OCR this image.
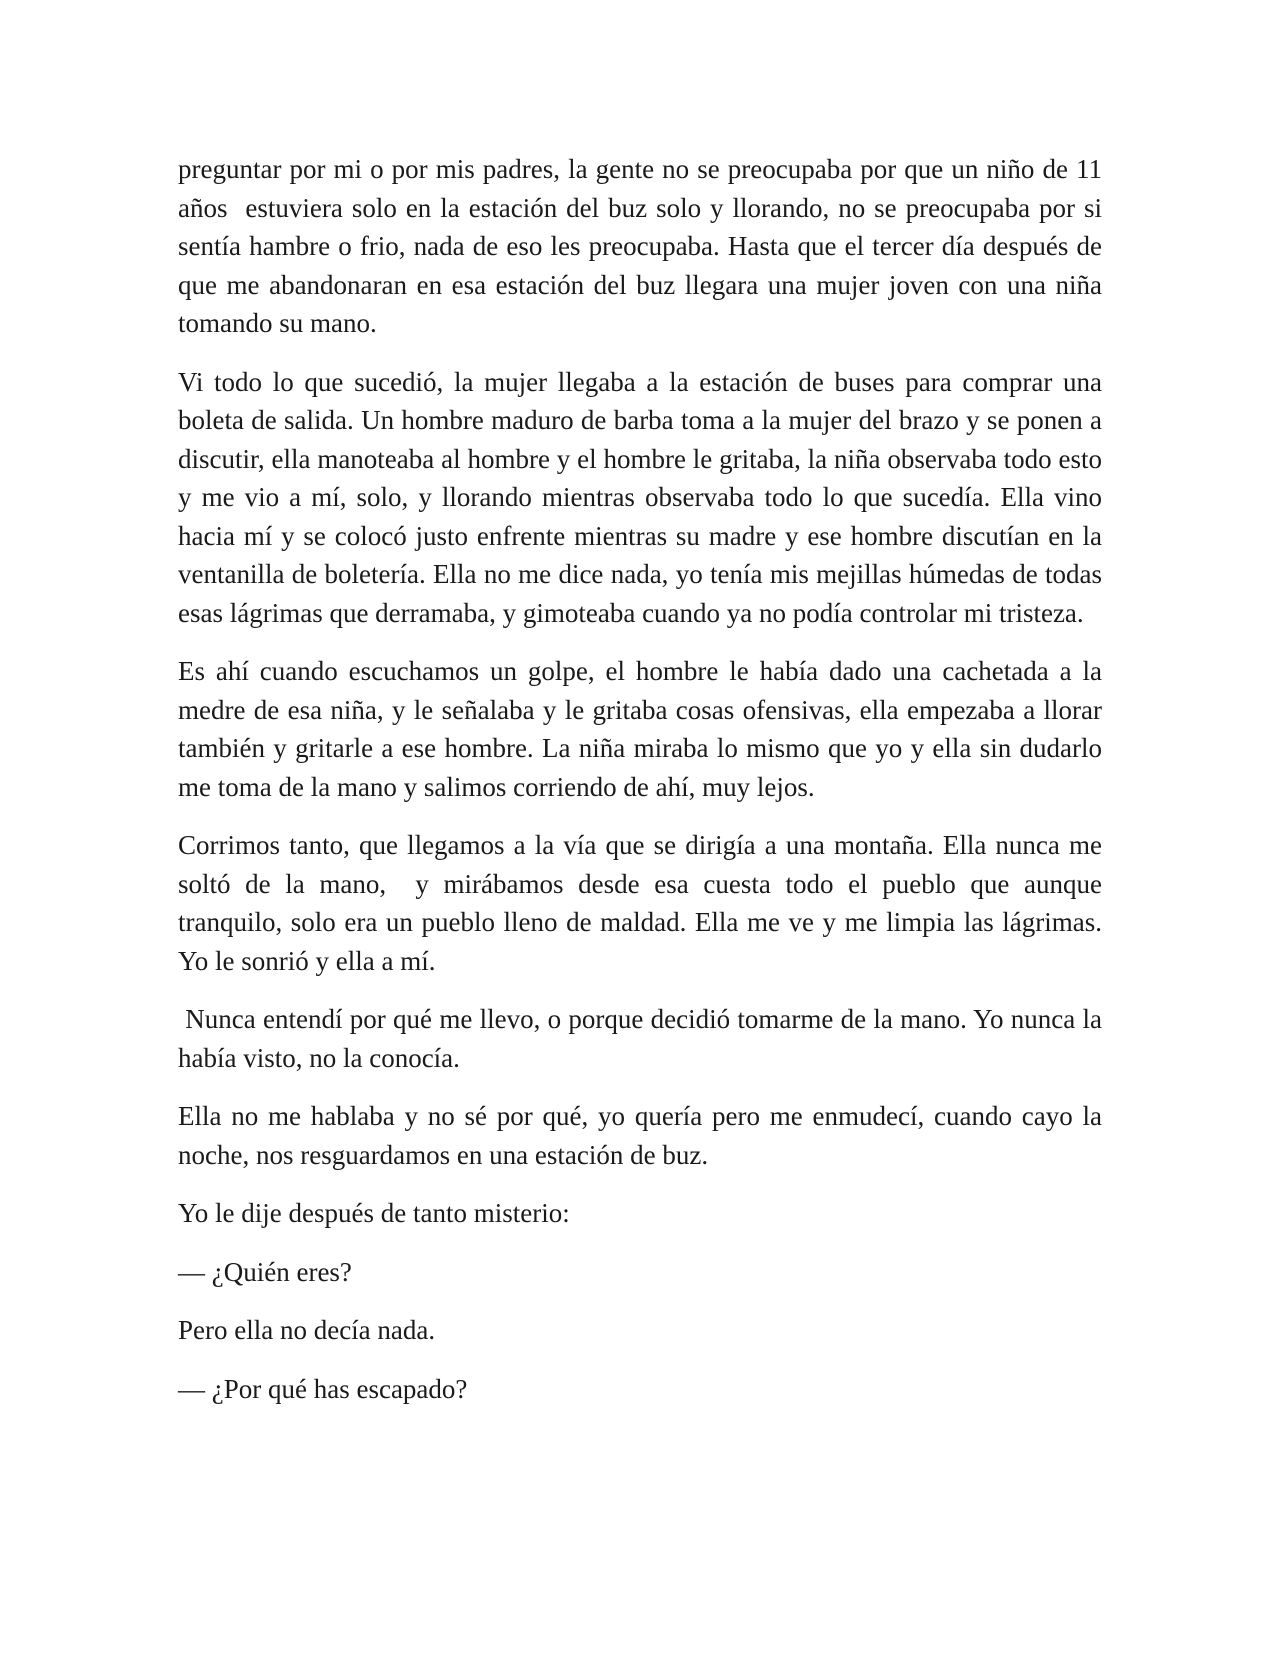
preguntar por mi o por mis padres, la gente no se preocupaba por que un niño de 11 años  estuviera solo en la estación del buz solo y llorando, no se preocupaba por si sentía hambre o frio, nada de eso les preocupaba. Hasta que el tercer día después de que me abandonaran en esa estación del buz llegara una mujer joven con una niña tomando su mano.

Vi todo lo que sucedió, la mujer llegaba a la estación de buses para comprar una boleta de salida. Un hombre maduro de barba toma a la mujer del brazo y se ponen a discutir, ella manoteaba al hombre y el hombre le gritaba, la niña observaba todo esto y me vio a mí, solo, y llorando mientras observaba todo lo que sucedía. Ella vino hacia mí y se colocó justo enfrente mientras su madre y ese hombre discutían en la ventanilla de boletería. Ella no me dice nada, yo tenía mis mejillas húmedas de todas esas lágrimas que derramaba, y gimoteaba cuando ya no podía controlar mi tristeza.

Es ahí cuando escuchamos un golpe, el hombre le había dado una cachetada a la medre de esa niña, y le señalaba y le gritaba cosas ofensivas, ella empezaba a llorar también y gritarle a ese hombre. La niña miraba lo mismo que yo y ella sin dudarlo me toma de la mano y salimos corriendo de ahí, muy lejos.

Corrimos tanto, que llegamos a la vía que se dirigía a una montaña. Ella nunca me soltó de la mano,  y mirábamos desde esa cuesta todo el pueblo que aunque tranquilo, solo era un pueblo lleno de maldad. Ella me ve y me limpia las lágrimas. Yo le sonrió y ella a mí.

Nunca entendí por qué me llevo, o porque decidió tomarme de la mano. Yo nunca la había visto, no la conocía.

Ella no me hablaba y no sé por qué, yo quería pero me enmudecí, cuando cayo la noche, nos resguardamos en una estación de buz.

Yo le dije después de tanto misterio:

— ¿Quién eres?

Pero ella no decía nada.

— ¿Por qué has escapado?
